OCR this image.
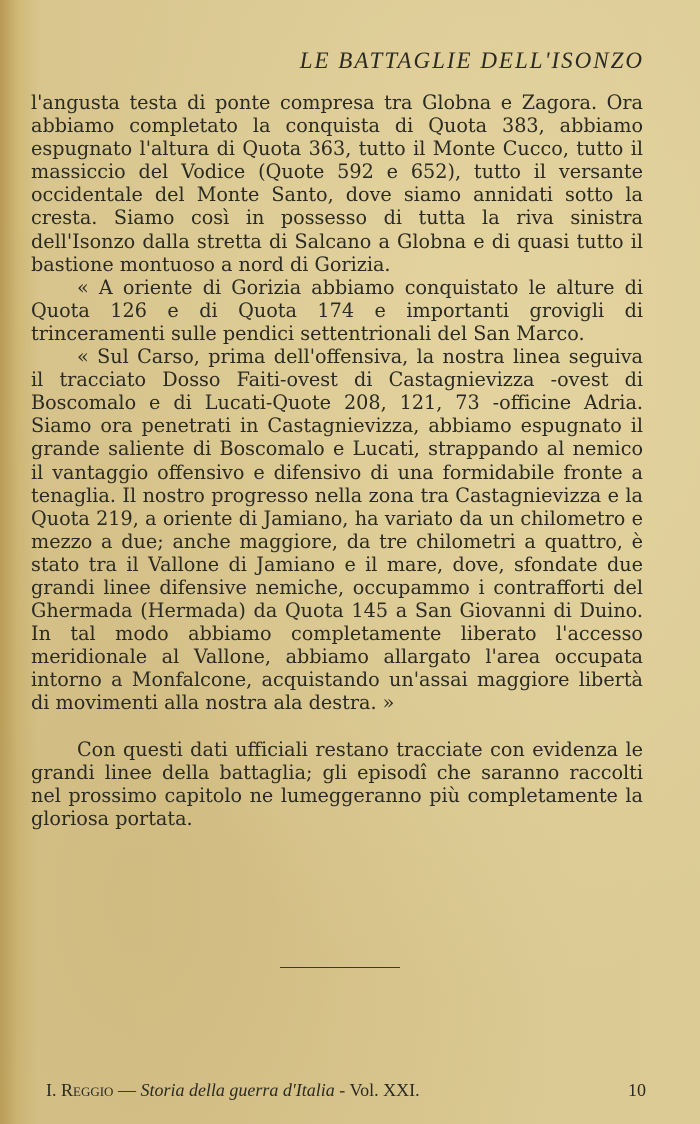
LE BATTAGLIE DELL'ISONZO

l'angusta testa di ponte compresa tra Globna e Zagora. Ora abbiamo completato la conquista di Quota 383, abbiamo espugnato l'altura di Quota 363, tutto il Monte Cucco, tutto il massiccio del Vodice (Quote 592 e 652), tutto il versante occidentale del Monte Santo, dove siamo annidati sotto la cresta. Siamo così in possesso di tutta la riva sinistra dell'Isonzo dalla stretta di Salcano a Globna e di quasi tutto il bastione montuoso a nord di Gorizia.

« A oriente di Gorizia abbiamo conquistato le alture di Quota 126 e di Quota 174 e importanti grovigli di trinceramenti sulle pendici settentrionali del San Marco.

« Sul Carso, prima dell'offensiva, la nostra linea seguiva il tracciato Dosso Faiti-ovest di Castagnievizza -ovest di Boscomalo e di Lucati-Quote 208, 121, 73 -officine Adria. Siamo ora penetrati in Castagnievizza, abbiamo espugnato il grande saliente di Boscomalo e Lucati, strappando al nemico il vantaggio offensivo e difensivo di una formidabile fronte a tenaglia. Il nostro progresso nella zona tra Castagnievizza e la Quota 219, a oriente di Jamiano, ha variato da un chilometro e mezzo a due; anche maggiore, da tre chilometri a quattro, è stato tra il Vallone di Jamiano e il mare, dove, sfondate due grandi linee difensive nemiche, occupammo i contrafforti del Ghermada (Hermada) da Quota 145 a San Giovanni di Duino. In tal modo abbiamo completamente liberato l'accesso meridionale al Vallone, abbiamo allargato l'area occupata intorno a Monfalcone, acquistando un'assai maggiore libertà di movimenti alla nostra ala destra. »

Con questi dati ufficiali restano tracciate con evidenza le grandi linee della battaglia; gli episodî che saranno raccolti nel prossimo capitolo ne lumeggeranno più completamente la gloriosa portata.

I. Reggio — Storia della guerra d'Italia - Vol. XXI.	10
